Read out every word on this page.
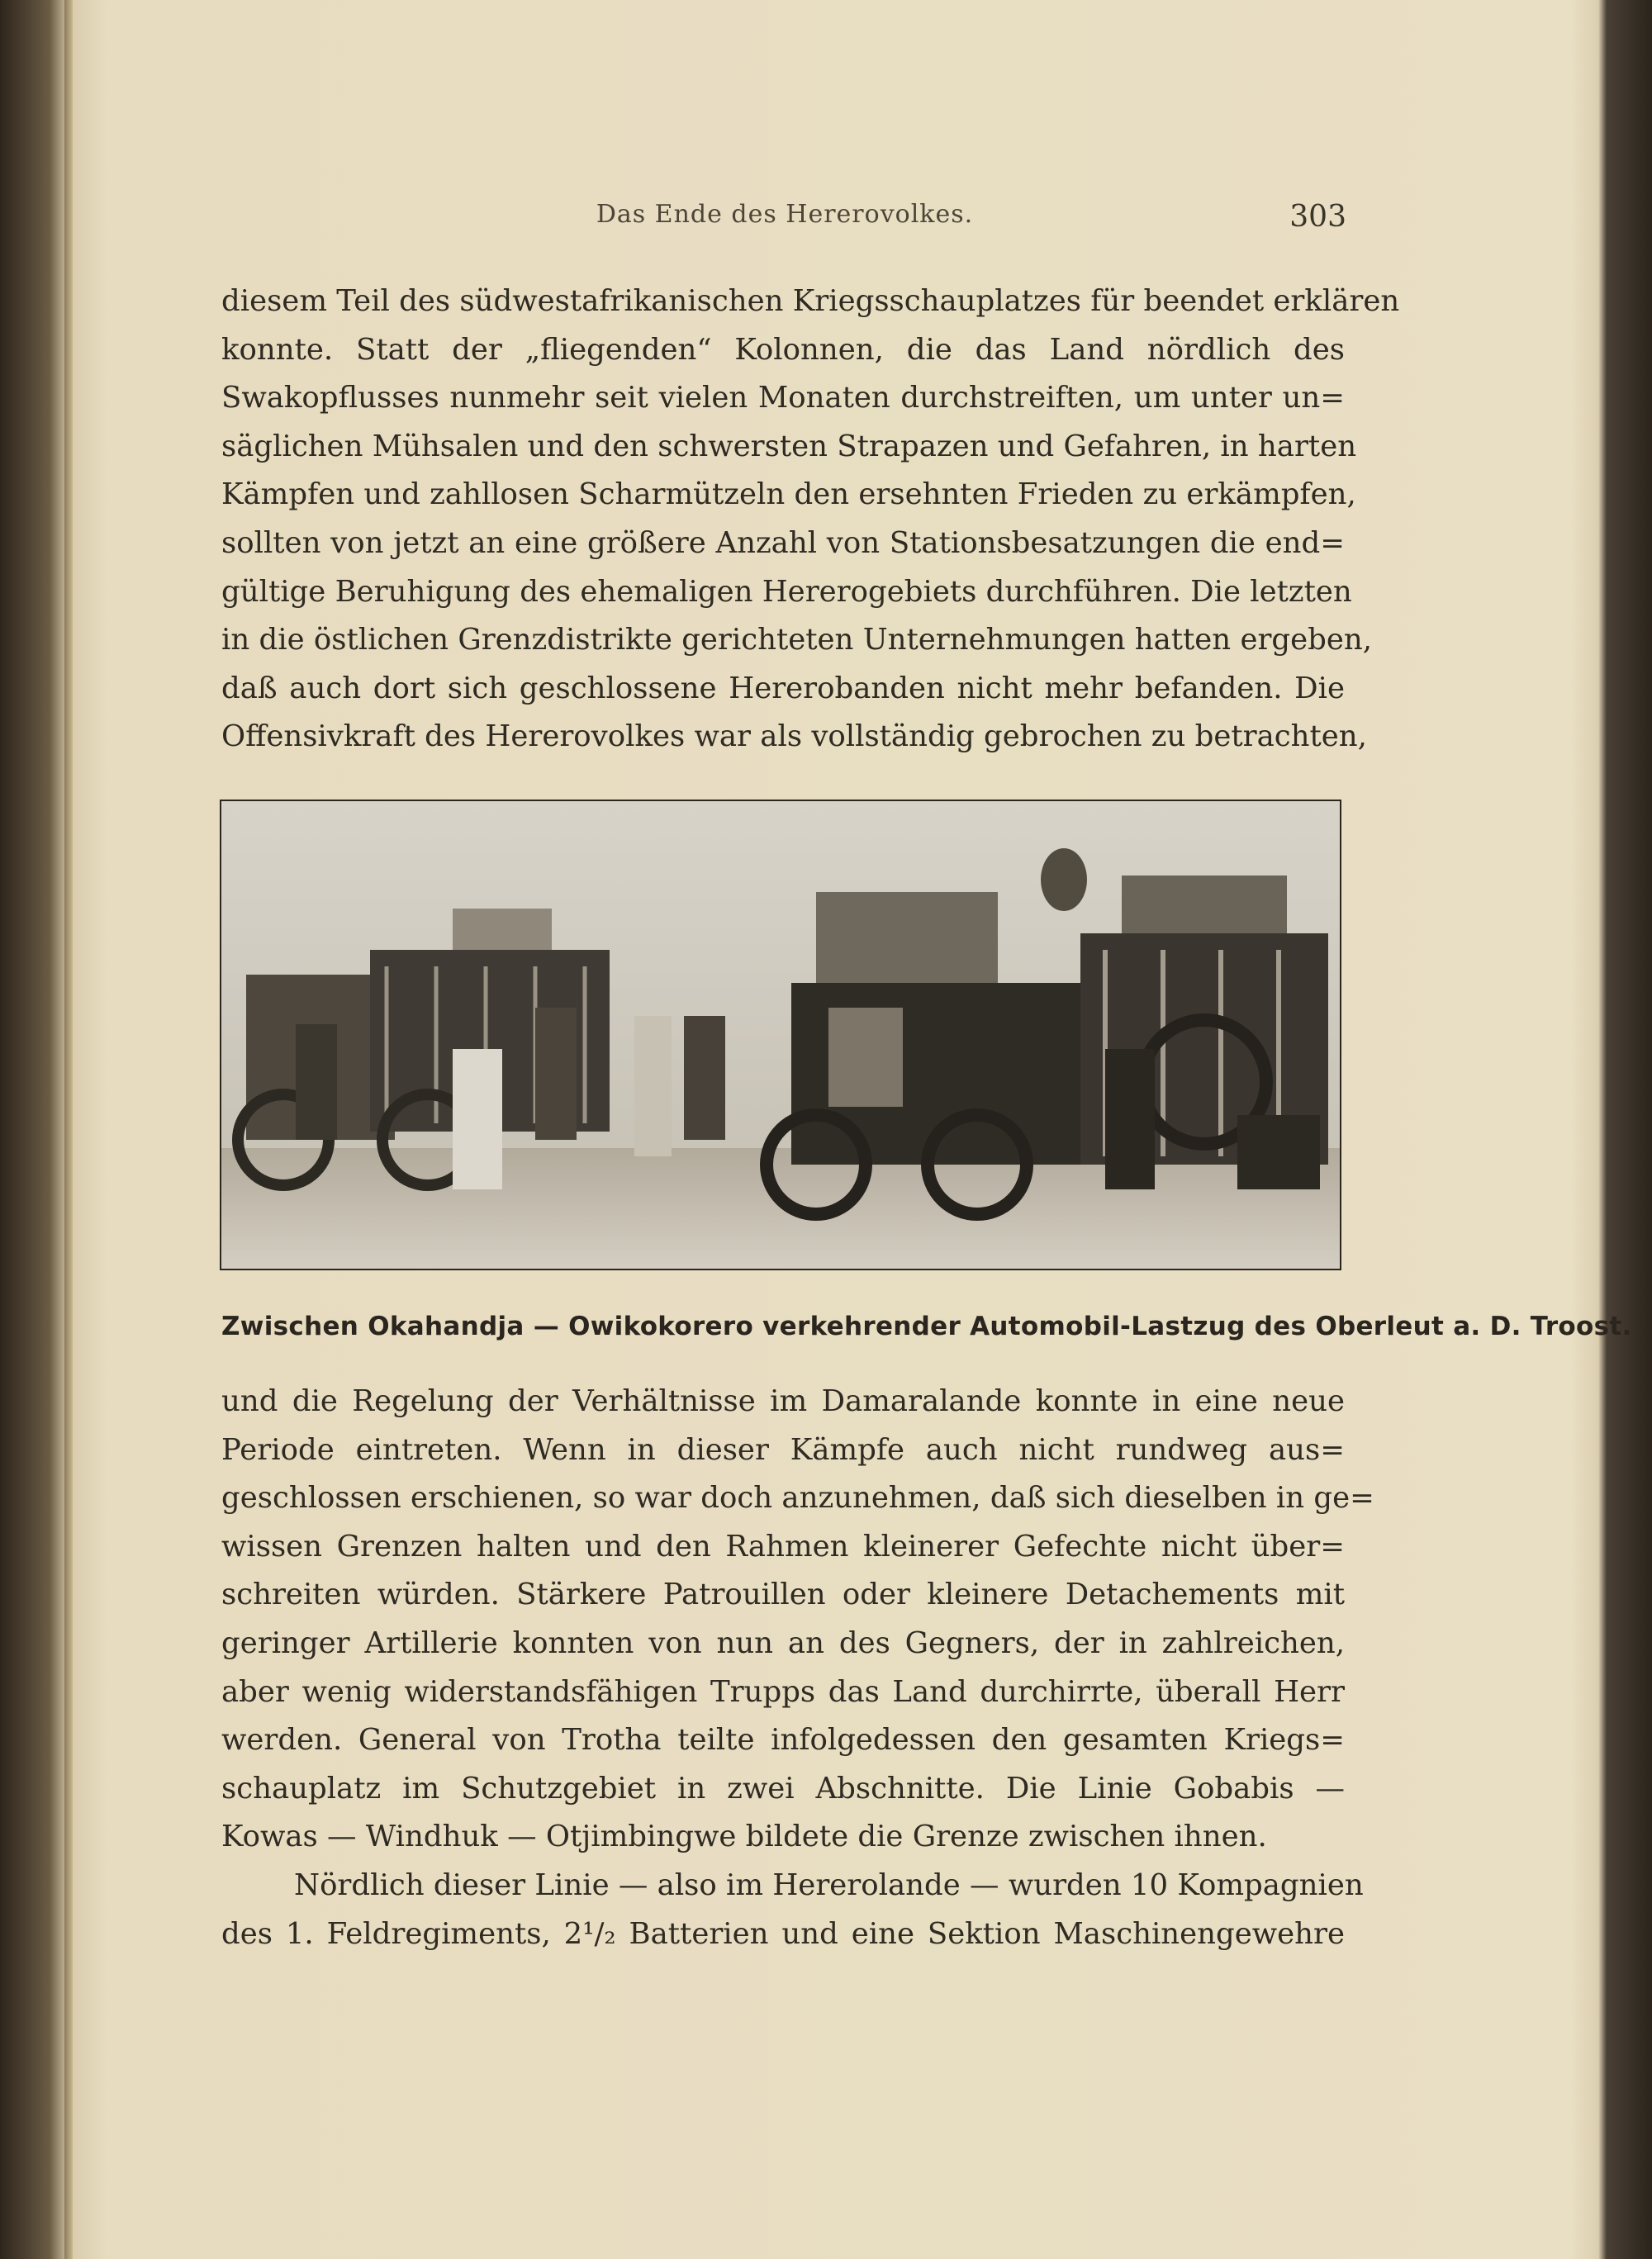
Das Ende des Hererovolkes.	303
diesem Teil des südwestafrikanischen Kriegsschauplatzes für beendet erklären
konnte. Statt der „fliegenden“ Kolonnen, die das Land nördlich des
Swakopflusses nunmehr seit vielen Monaten durchstreiften, um unter un=
säglichen Mühsalen und den schwersten Strapazen und Gefahren, in harten
Kämpfen und zahllosen Scharmützeln den ersehnten Frieden zu erkämpfen,
sollten von jetzt an eine größere Anzahl von Stationsbesatzungen die end=
gültige Beruhigung des ehemaligen Hererogebiets durchführen. Die letzten
in die östlichen Grenzdistrikte gerichteten Unternehmungen hatten ergeben,
daß auch dort sich geschlossene Hererobanden nicht mehr befanden. Die
Offensivkraft des Hererovolkes war als vollständig gebrochen zu betrachten,
Zwischen Okahandja — Owikokorero verkehrender Automobil-Lastzug des Oberleut a. D. Troost.
und die Regelung der Verhältnisse im Damaralande konnte in eine neue
Periode eintreten. Wenn in dieser Kämpfe auch nicht rundweg aus=
geschlossen erschienen, so war doch anzunehmen, daß sich dieselben in ge=
wissen Grenzen halten und den Rahmen kleinerer Gefechte nicht über=
schreiten würden. Stärkere Patrouillen oder kleinere Detachements mit
geringer Artillerie konnten von nun an des Gegners, der in zahlreichen,
aber wenig widerstandsfähigen Trupps das Land durchirrte, überall Herr
werden. General von Trotha teilte infolgedessen den gesamten Kriegs=
schauplatz im Schutzgebiet in zwei Abschnitte. Die Linie Gobabis —
Kowas — Windhuk — Otjimbingwe bildete die Grenze zwischen ihnen.
Nördlich dieser Linie — also im Hererolande — wurden 10 Kompagnien
des 1. Feldregiments, 2¹/₂ Batterien und eine Sektion Maschinengewehre
